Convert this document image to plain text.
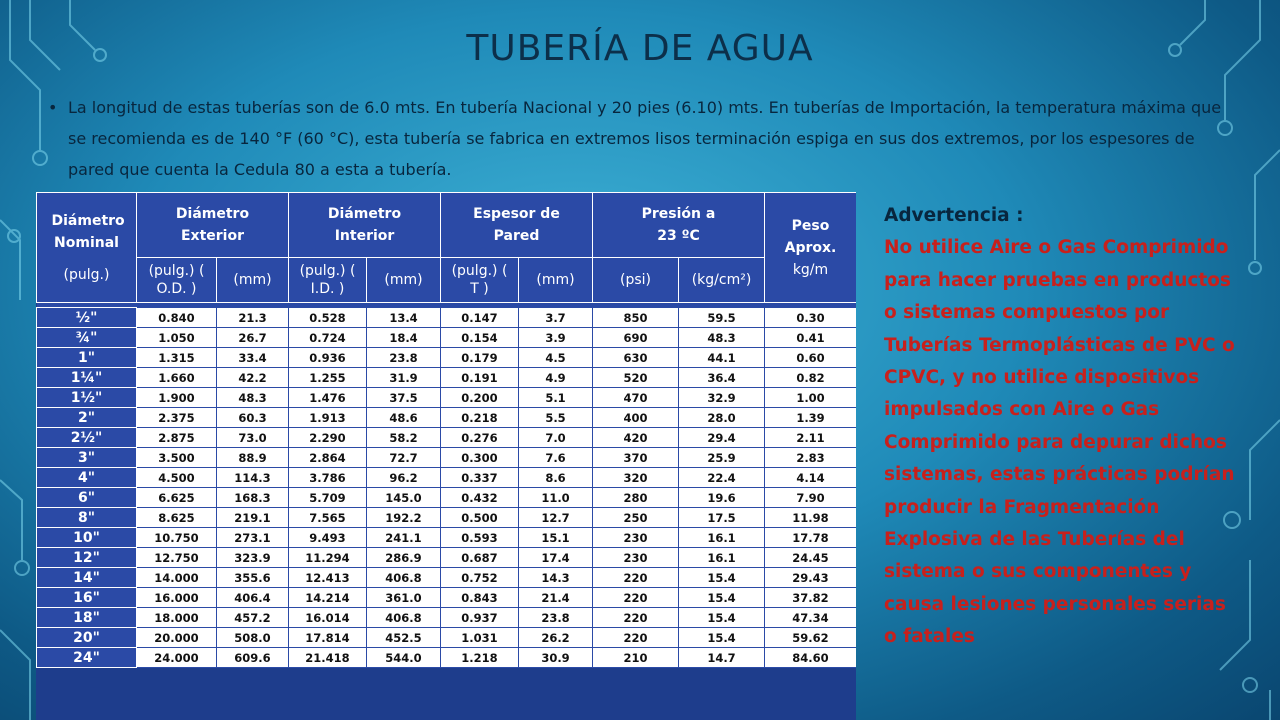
TUBERÍA DE AGUA
• La longitud de estas tuberías son de 6.0 mts. En tubería Nacional y 20 pies (6.10) mts. En tuberías de Importación, la temperatura máxima que se recomienda es de 140 °F (60 °C), esta tubería se fabrica en extremos lisos terminación espiga en sus dos extremos, por los espesores de pared que cuenta la Cedula 80 a esta a tubería.
Diámetro Nominal
(pulg.)	Diámetro Exterior		Diámetro Interior		Espesor de Pared		Presión a 23 ºC		Peso Aprox.
kg/m

	(pulg.) ( O.D. )	(mm)	(pulg.) ( I.D. )	(mm)	(pulg.) ( T )	(mm)	(psi)	(kg/cm²)	

½"	0.840	21.3	0.528	13.4	0.147	3.7	850	59.5	0.30
¾"	1.050	26.7	0.724	18.4	0.154	3.9	690	48.3	0.41
1"	1.315	33.4	0.936	23.8	0.179	4.5	630	44.1	0.60
1¼"	1.660	42.2	1.255	31.9	0.191	4.9	520	36.4	0.82
1½"	1.900	48.3	1.476	37.5	0.200	5.1	470	32.9	1.00
2"	2.375	60.3	1.913	48.6	0.218	5.5	400	28.0	1.39
2½"	2.875	73.0	2.290	58.2	0.276	7.0	420	29.4	2.11
3"	3.500	88.9	2.864	72.7	0.300	7.6	370	25.9	2.83
4"	4.500	114.3	3.786	96.2	0.337	8.6	320	22.4	4.14
6"	6.625	168.3	5.709	145.0	0.432	11.0	280	19.6	7.90
8"	8.625	219.1	7.565	192.2	0.500	12.7	250	17.5	11.98
10"	10.750	273.1	9.493	241.1	0.593	15.1	230	16.1	17.78
12"	12.750	323.9	11.294	286.9	0.687	17.4	230	16.1	24.45
14"	14.000	355.6	12.413	406.8	0.752	14.3	220	15.4	29.43
16"	16.000	406.4	14.214	361.0	0.843	21.4	220	15.4	37.82
18"	18.000	457.2	16.014	406.8	0.937	23.8	220	15.4	47.34
20"	20.000	508.0	17.814	452.5	1.031	26.2	220	15.4	59.62
24"	24.000	609.6	21.418	544.0	1.218	30.9	210	14.7	84.60
Advertencia :
No utilice Aire o Gas Comprimido para hacer pruebas en productos o sistemas compuestos por Tuberías Termoplásticas de PVC o CPVC, y no utilice dispositivos impulsados con Aire o Gas Comprimido para depurar dichos sistemas, estas prácticas podrían producir la Fragmentación Explosiva de las Tuberías del sistema o sus componentes y causa lesiones personales serias o fatales
